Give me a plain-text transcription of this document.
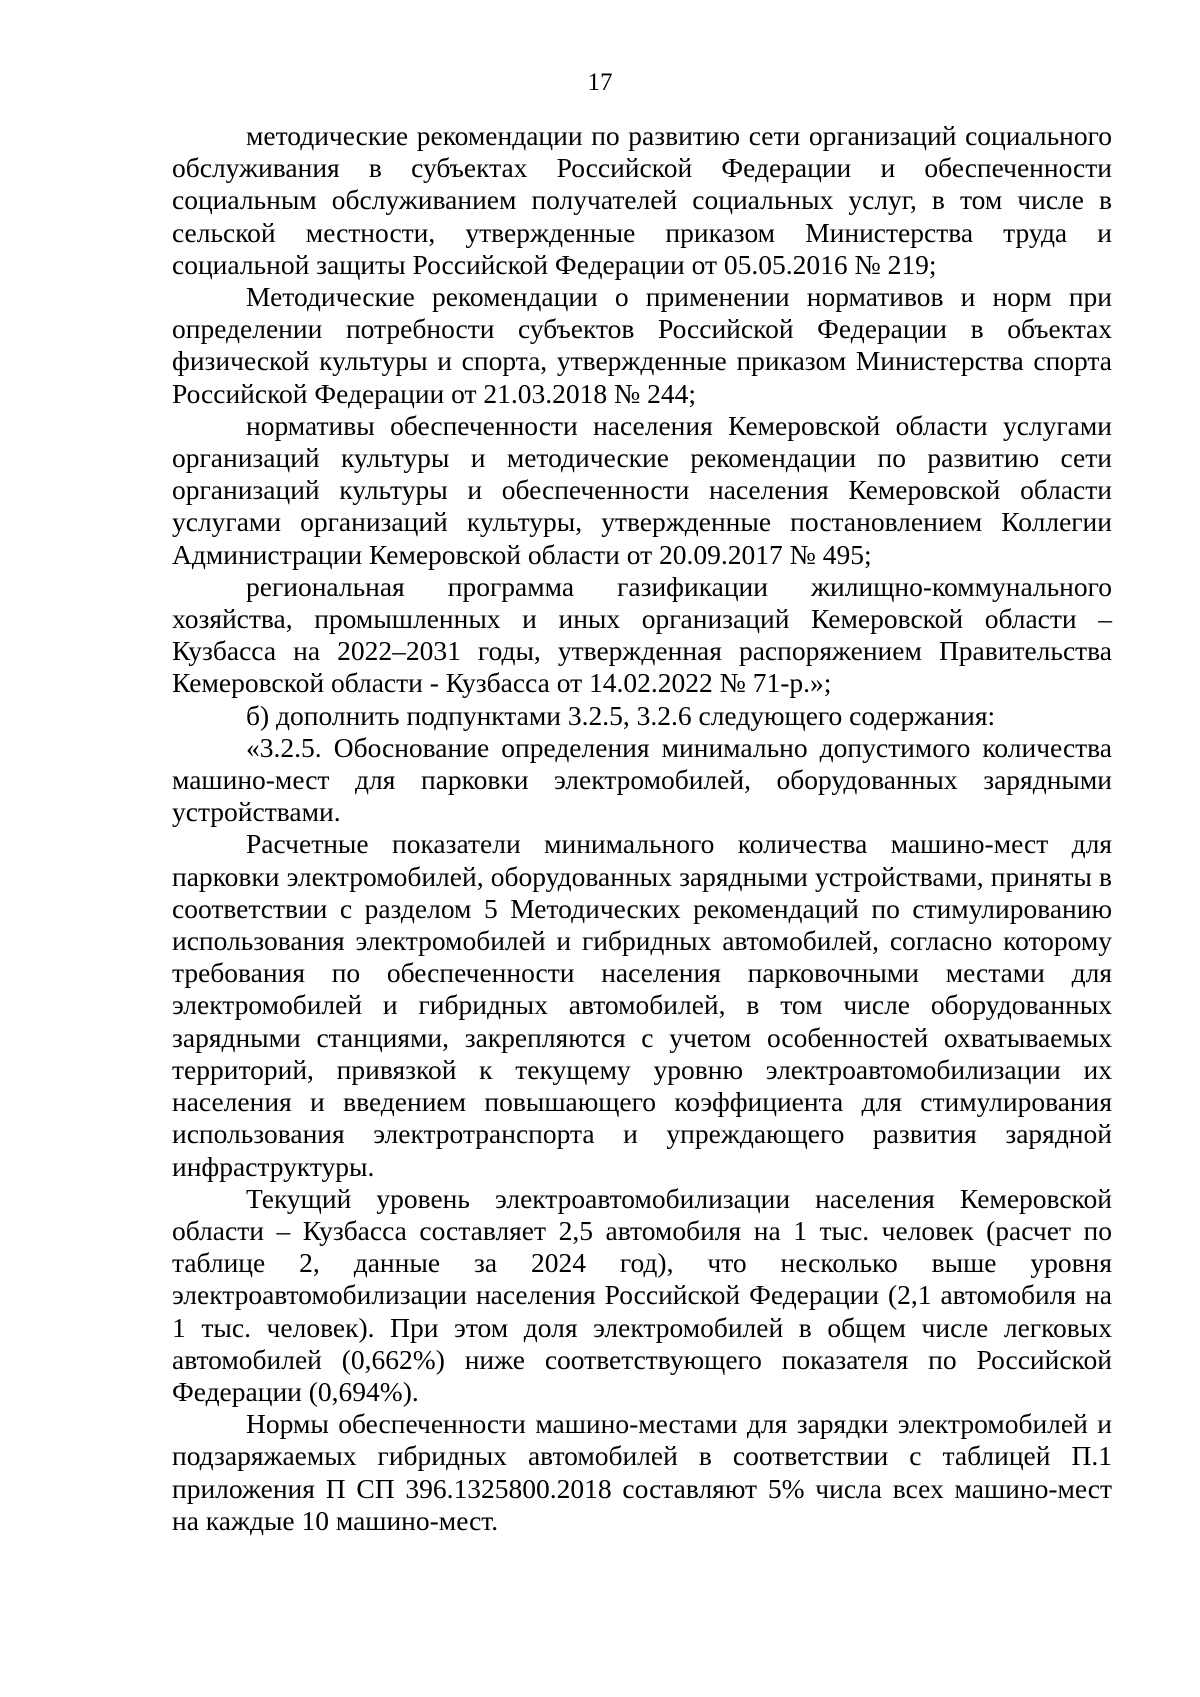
17

методические рекомендации по развитию сети организаций социального обслуживания в субъектах Российской Федерации и обеспеченности социальным обслуживанием получателей социальных услуг, в том числе в сельской местности, утвержденные приказом Министерства труда и социальной защиты Российской Федерации от 05.05.2016 № 219;

Методические рекомендации о применении нормативов и норм при определении потребности субъектов Российской Федерации в объектах физической культуры и спорта, утвержденные приказом Министерства спорта Российской Федерации от 21.03.2018 № 244;

нормативы обеспеченности населения Кемеровской области услугами организаций культуры и методические рекомендации по развитию сети организаций культуры и обеспеченности населения Кемеровской области услугами организаций культуры, утвержденные постановлением Коллегии Администрации Кемеровской области от 20.09.2017 № 495;

региональная программа газификации жилищно-коммунального хозяйства, промышленных и иных организаций Кемеровской области – Кузбасса на 2022–2031 годы, утвержденная распоряжением Правительства Кемеровской области - Кузбасса от 14.02.2022 № 71-р.»;

б) дополнить подпунктами 3.2.5, 3.2.6 следующего содержания:

«3.2.5. Обоснование определения минимально допустимого количества машино-мест для парковки электромобилей, оборудованных зарядными устройствами.

Расчетные показатели минимального количества машино-мест для парковки электромобилей, оборудованных зарядными устройствами, приняты в соответствии с разделом 5 Методических рекомендаций по стимулированию использования электромобилей и гибридных автомобилей, согласно которому требования по обеспеченности населения парковочными местами для электромобилей и гибридных автомобилей, в том числе оборудованных зарядными станциями, закрепляются с учетом особенностей охватываемых территорий, привязкой к текущему уровню электроавтомобилизации их населения и введением повышающего коэффициента для стимулирования использования электротранспорта и упреждающего развития зарядной инфраструктуры.

Текущий уровень электроавтомобилизации населения Кемеровской области – Кузбасса составляет 2,5 автомобиля на 1 тыс. человек (расчет по таблице 2, данные за 2024 год), что несколько выше уровня электроавтомобилизации населения Российской Федерации (2,1 автомобиля на 1 тыс. человек). При этом доля электромобилей в общем числе легковых автомобилей (0,662%) ниже соответствующего показателя по Российской Федерации (0,694%).

Нормы обеспеченности машино-местами для зарядки электромобилей и подзаряжаемых гибридных автомобилей в соответствии с таблицей П.1 приложения П СП 396.1325800.2018 составляют 5% числа всех машино-мест на каждые 10 машино-мест.
